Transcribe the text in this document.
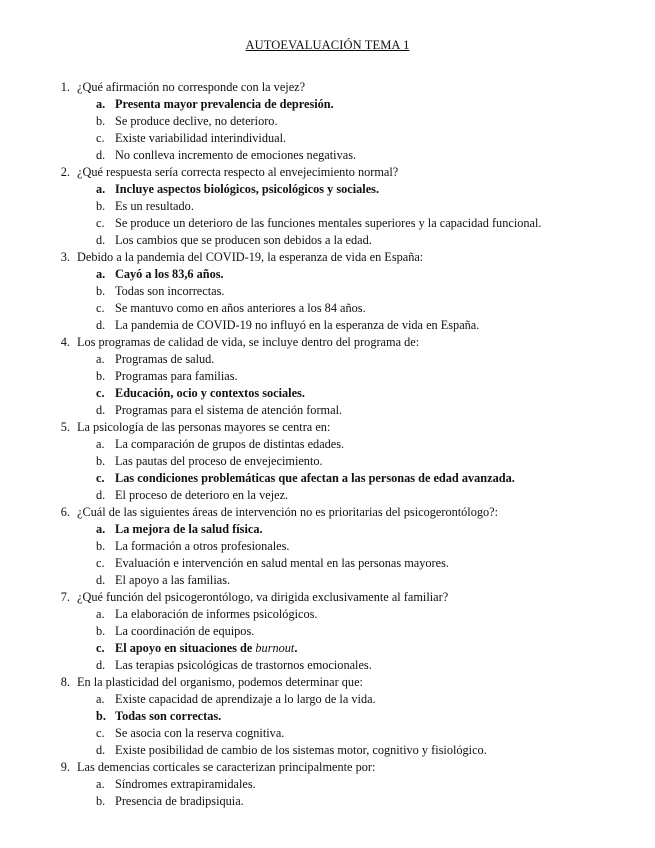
AUTOEVALUACIÓN TEMA 1
1. ¿Qué afirmación no corresponde con la vejez?
a. Presenta mayor prevalencia de depresión.
b. Se produce declive, no deterioro.
c. Existe variabilidad interindividual.
d. No conlleva incremento de emociones negativas.
2. ¿Qué respuesta sería correcta respecto al envejecimiento normal?
a. Incluye aspectos biológicos, psicológicos y sociales.
b. Es un resultado.
c. Se produce un deterioro de las funciones mentales superiores y la capacidad funcional.
d. Los cambios que se producen son debidos a la edad.
3. Debido a la pandemia del COVID-19, la esperanza de vida en España:
a. Cayó a los 83,6 años.
b. Todas son incorrectas.
c. Se mantuvo como en años anteriores a los 84 años.
d. La pandemia de COVID-19 no influyó en la esperanza de vida en España.
4. Los programas de calidad de vida, se incluye dentro del programa de:
a. Programas de salud.
b. Programas para familias.
c. Educación, ocio y contextos sociales.
d. Programas para el sistema de atención formal.
5. La psicología de las personas mayores se centra en:
a. La comparación de grupos de distintas edades.
b. Las pautas del proceso de envejecimiento.
c. Las condiciones problemáticas que afectan a las personas de edad avanzada.
d. El proceso de deterioro en la vejez.
6. ¿Cuál de las siguientes áreas de intervención no es prioritarias del psicogerontólogo?:
a. La mejora de la salud física.
b. La formación a otros profesionales.
c. Evaluación e intervención en salud mental en las personas mayores.
d. El apoyo a las familias.
7. ¿Qué función del psicogerontólogo, va dirigida exclusivamente al familiar?
a. La elaboración de informes psicológicos.
b. La coordinación de equipos.
c. El apoyo en situaciones de burnout.
d. Las terapias psicológicas de trastornos emocionales.
8. En la plasticidad del organismo, podemos determinar que:
a. Existe capacidad de aprendizaje a lo largo de la vida.
b. Todas son correctas.
c. Se asocia con la reserva cognitiva.
d. Existe posibilidad de cambio de los sistemas motor, cognitivo y fisiológico.
9. Las demencias corticales se caracterizan principalmente por:
a. Síndromes extrapiramidales.
b. Presencia de bradipsiquia.
